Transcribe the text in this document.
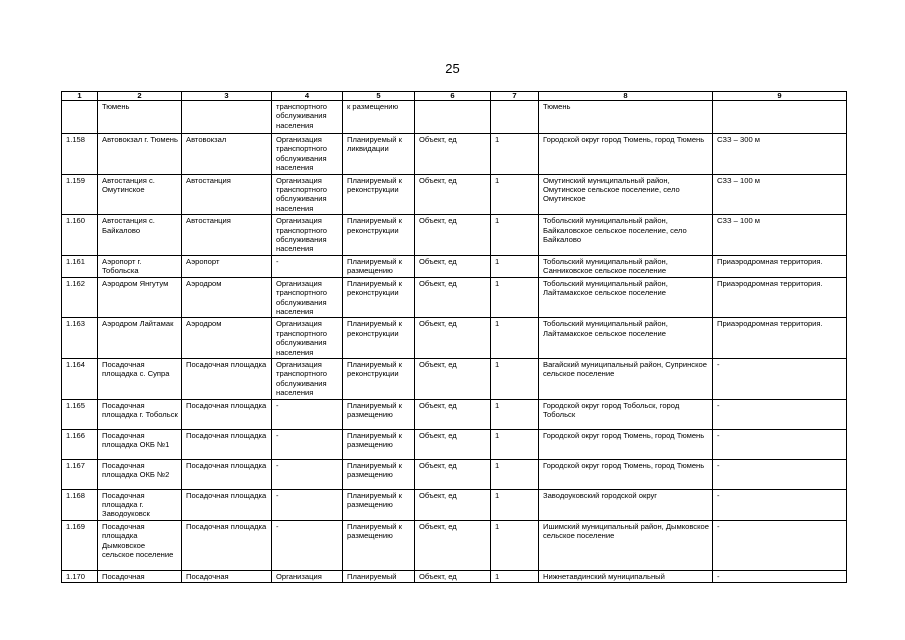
25
1	2	3	4	5	6	7	8	9
	Тюмень		транспортного обслуживания населения	к размещению			Тюмень	
1.158	Автовокзал г. Тюмень	Автовокзал	Организация транспортного обслуживания населения	Планируемый к ликвидации	Объект, ед	1	Городской округ город Тюмень, город Тюмень	СЗЗ – 300 м
1.159	Автостанция с. Омутинское	Автостанция	Организация транспортного обслуживания населения	Планируемый к реконструкции	Объект, ед	1	Омутинский муниципальный район, Омутинское сельское поселение, село Омутинское	СЗЗ – 100 м
1.160	Автостанция с. Байкалово	Автостанция	Организация транспортного обслуживания населения	Планируемый к реконструкции	Объект, ед	1	Тобольский муниципальный район, Байкаловское сельское поселение, село Байкалово	СЗЗ – 100 м
1.161	Аэропорт г. Тобольска	Аэропорт	-	Планируемый к размещению	Объект, ед	1	Тобольский муниципальный район, Санниковское сельское поселение	Приаэродромная территория.
1.162	Аэродром Янгутум	Аэродром	Организация транспортного обслуживания населения	Планируемый к реконструкции	Объект, ед	1	Тобольский муниципальный район, Лайтамакское сельское поселение	Приаэродромная территория.
1.163	Аэродром Лайтамак	Аэродром	Организация транспортного обслуживания населения	Планируемый к реконструкции	Объект, ед	1	Тобольский муниципальный район, Лайтамакское сельское поселение	Приаэродромная территория.
1.164	Посадочная площадка с. Супра	Посадочная площадка	Организация транспортного обслуживания населения	Планируемый к реконструкции	Объект, ед	1	Вагайский муниципальный район, Супринское сельское поселение	-
1.165	Посадочная площадка г. Тобольск	Посадочная площадка	-	Планируемый к размещению	Объект, ед	1	Городской округ город Тобольск, город Тобольск	-
1.166	Посадочная площадка ОКБ №1	Посадочная площадка	-	Планируемый к размещению	Объект, ед	1	Городской округ город Тюмень, город Тюмень	-
1.167	Посадочная площадка ОКБ №2	Посадочная площадка	-	Планируемый к размещению	Объект, ед	1	Городской округ город Тюмень, город Тюмень	-
1.168	Посадочная площадка г. Заводоуковск	Посадочная площадка	-	Планируемый к размещению	Объект, ед	1	Заводоуковский городской округ	-
1.169	Посадочная площадка Дымковское сельское поселение	Посадочная площадка	-	Планируемый к размещению	Объект, ед	1	Ишимский муниципальный район, Дымковское сельское поселение	-
1.170	Посадочная	Посадочная	Организация	Планируемый	Объект, ед	1	Нижнетавдинский муниципальный	-
